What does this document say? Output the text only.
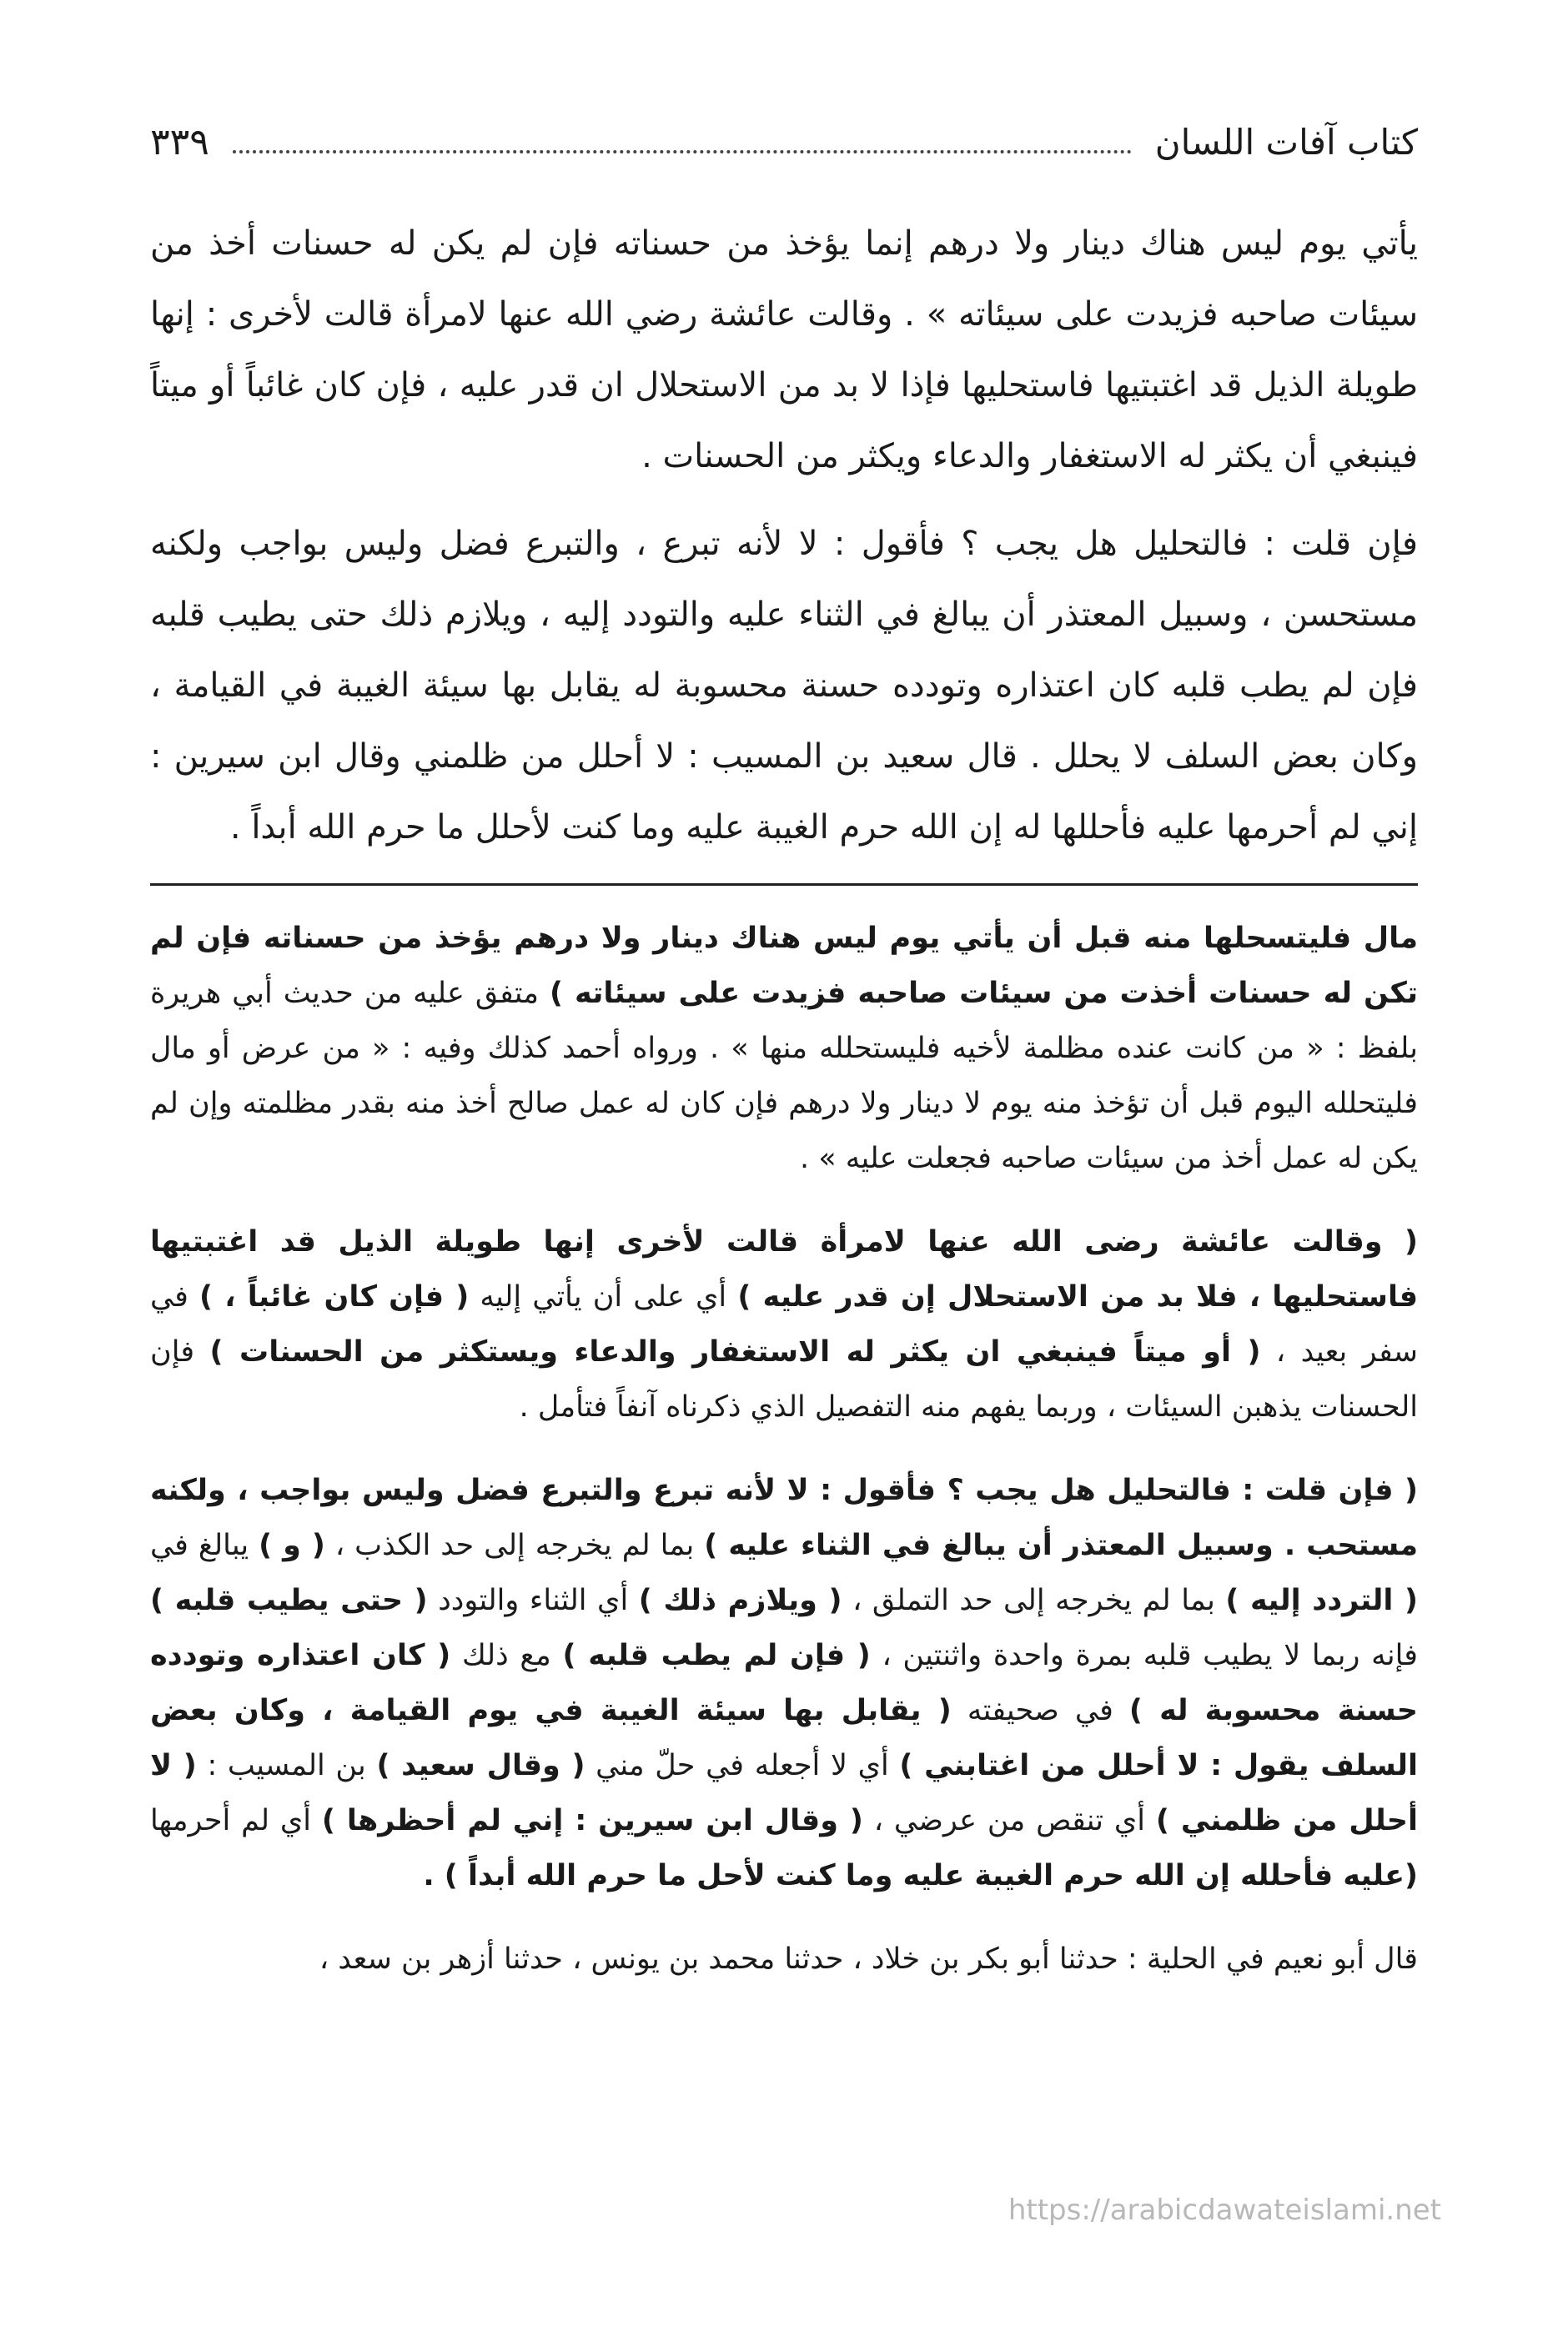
كتاب آفات اللسان
٣٣٩

يأتي يوم ليس هناك دينار ولا درهم إنما يؤخذ من حسناته فإن لم يكن له حسنات أخذ من سيئات صاحبه فزيدت على سيئاته » . وقالت عائشة رضي الله عنها لامرأة قالت لأخرى : إنها طويلة الذيل قد اغتبتيها فاستحليها فإذا لا بد من الاستحلال ان قدر عليه ، فإن كان غائباً أو ميتاً فينبغي أن يكثر له الاستغفار والدعاء ويكثر من الحسنات .

فإن قلت : فالتحليل هل يجب ؟ فأقول : لا لأنه تبرع ، والتبرع فضل وليس بواجب ولكنه مستحسن ، وسبيل المعتذر أن يبالغ في الثناء عليه والتودد إليه ، ويلازم ذلك حتى يطيب قلبه فإن لم يطب قلبه كان اعتذاره وتودده حسنة محسوبة له يقابل بها سيئة الغيبة في القيامة ، وكان بعض السلف لا يحلل . قال سعيد بن المسيب : لا أحلل من ظلمني وقال ابن سيرين : إني لم أحرمها عليه فأحللها له إن الله حرم الغيبة عليه وما كنت لأحلل ما حرم الله أبداً .

مال فليتسحلها منه قبل أن يأتي يوم ليس هناك دينار ولا درهم يؤخذ من حسناته فإن لم تكن له حسنات أخذت من سيئات صاحبه فزيدت على سيئاته ) متفق عليه من حديث أبي هريرة بلفظ : « من كانت عنده مظلمة لأخيه فليستحلله منها » . ورواه أحمد كذلك وفيه : « من عرض أو مال فليتحلله اليوم قبل أن تؤخذ منه يوم لا دينار ولا درهم فإن كان له عمل صالح أخذ منه بقدر مظلمته وإن لم يكن له عمل أخذ من سيئات صاحبه فجعلت عليه » .

( وقالت عائشة رضى الله عنها لامرأة قالت لأخرى إنها طويلة الذيل قد اغتبتيها فاستحليها ، فلا بد من الاستحلال إن قدر عليه ) أي على أن يأتي إليه ( فإن كان غائباً ، ) في سفر بعيد ، ( أو ميتاً فينبغي ان يكثر له الاستغفار والدعاء ويستكثر من الحسنات ) فإن الحسنات يذهبن السيئات ، وربما يفهم منه التفصيل الذي ذكرناه آنفاً فتأمل .

( فإن قلت : فالتحليل هل يجب ؟ فأقول : لا لأنه تبرع والتبرع فضل وليس بواجب ، ولكنه مستحب . وسبيل المعتذر أن يبالغ في الثناء عليه ) بما لم يخرجه إلى حد الكذب ، ( و ) يبالغ في ( التردد إليه ) بما لم يخرجه إلى حد التملق ، ( ويلازم ذلك ) أي الثناء والتودد ( حتى يطيب قلبه ) فإنه ربما لا يطيب قلبه بمرة واحدة واثنتين ، ( فإن لم يطب قلبه ) مع ذلك ( كان اعتذاره وتودده حسنة محسوبة له ) في صحيفته ( يقابل بها سيئة الغيبة في يوم القيامة ، وكان بعض السلف يقول : لا أحلل من اغتابني ) أي لا أجعله في حلّ مني ( وقال سعيد ) بن المسيب : ( لا أحلل من ظلمني ) أي تنقص من عرضي ، ( وقال ابن سيرين : إني لم أحظرها ) أي لم أحرمها (عليه فأحلله إن الله حرم الغيبة عليه وما كنت لأحل ما حرم الله أبداً ) .

قال أبو نعيم في الحلية : حدثنا أبو بكر بن خلاد ، حدثنا محمد بن يونس ، حدثنا أزهر بن سعد ،

https://arabicdawateislami.net
